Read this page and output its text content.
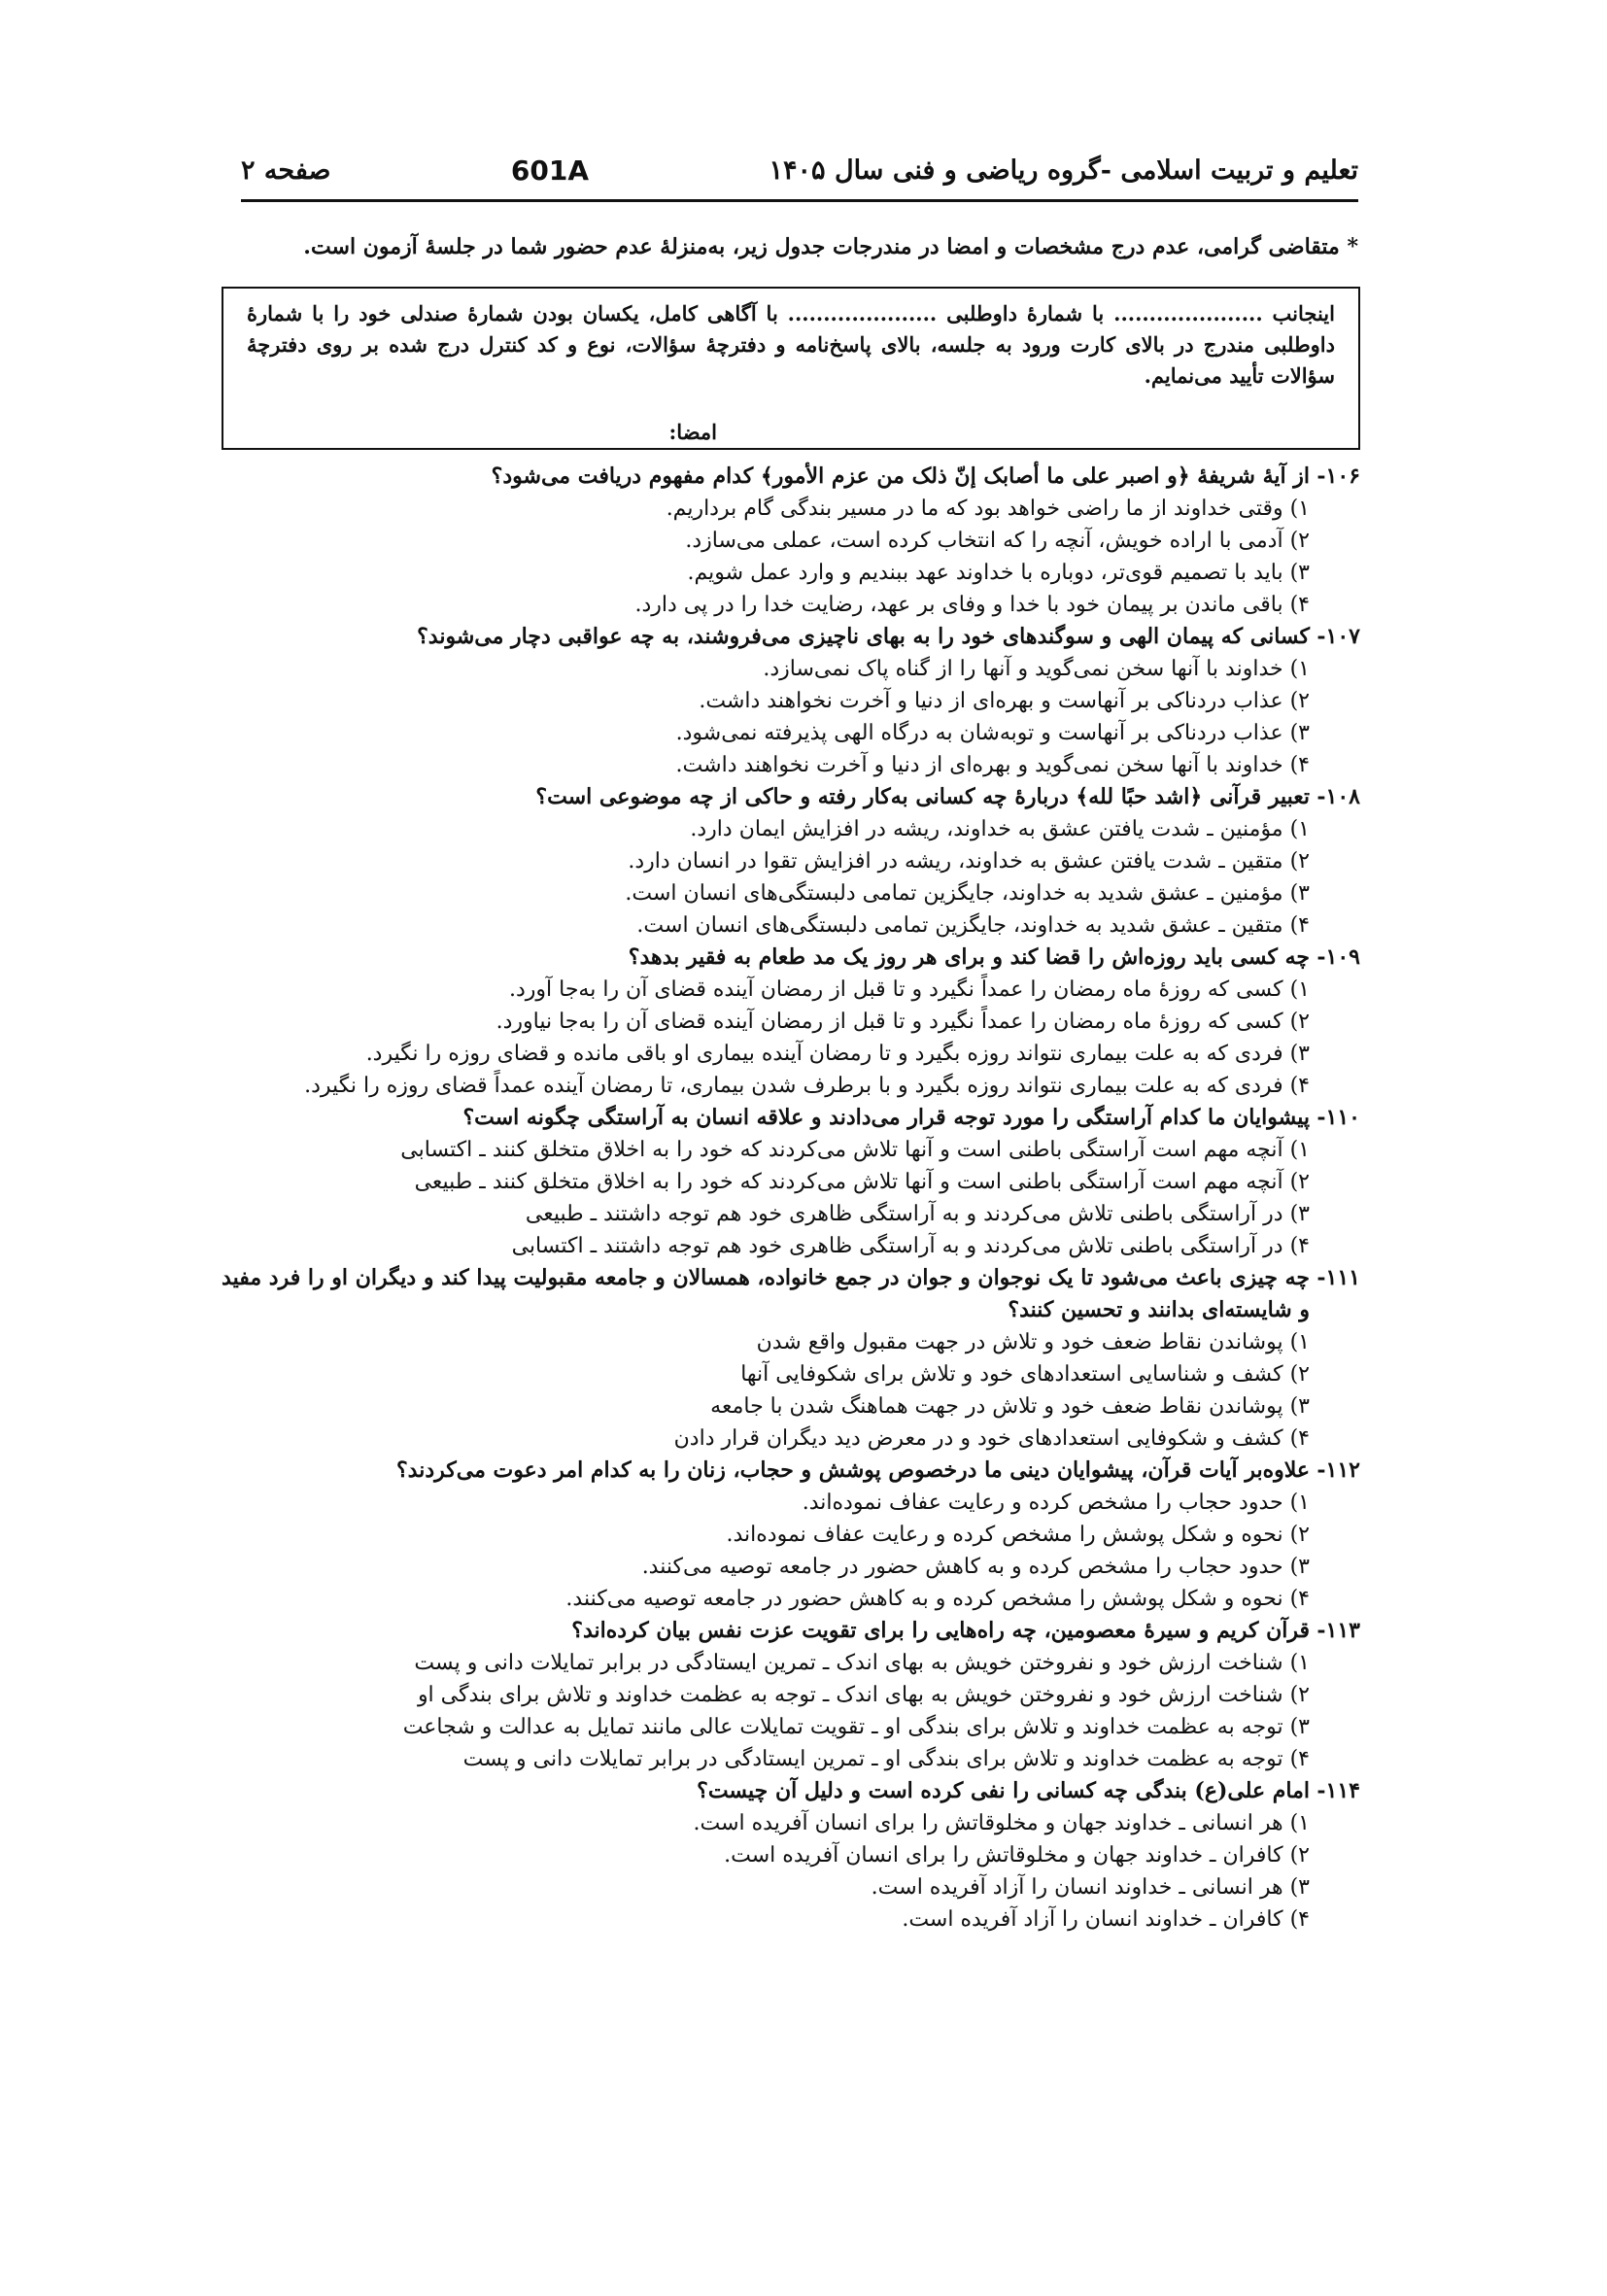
تعلیم و تربیت اسلامی -گروه ریاضی و فنی سال ۱۴۰۵
601A
صفحه ۲
* متقاضی گرامی، عدم درج مشخصات و امضا در مندرجات جدول زیر، به‌منزلهٔ عدم حضور شما در جلسهٔ آزمون است.
اینجانب ..................... با شمارهٔ داوطلبی ..................... با آگاهی کامل، یکسان بودن شمارهٔ صندلی خود را با شمارهٔ داوطلبی مندرج در بالای کارت ورود به جلسه، بالای پاسخ‌نامه و دفترچهٔ سؤالات، نوع و کد کنترل درج شده بر روی دفترچهٔ سؤالات تأیید می‌نمایم.
امضا:
۱۰۶-
از آیهٔ شریفهٔ ﴿و اصبر علی ما أصابک إنّ ذلک من عزم الأمور﴾ کدام مفهوم دریافت می‌شود؟
۱) وقتی خداوند از ما راضی خواهد بود که ما در مسیر بندگی گام برداریم.
۲) آدمی با اراده خویش، آنچه را که انتخاب کرده است، عملی می‌سازد.
۳) باید با تصمیم قوی‌تر، دوباره با خداوند عهد ببندیم و وارد عمل شویم.
۴) باقی ماندن بر پیمان خود با خدا و وفای بر عهد، رضایت خدا را در پی دارد.
۱۰۷-
کسانی که پیمان الهی و سوگندهای خود را به بهای ناچیزی می‌فروشند، به چه عواقبی دچار می‌شوند؟
۱) خداوند با آنها سخن نمی‌گوید و آنها را از گناه پاک نمی‌سازد.
۲) عذاب دردناکی بر آنهاست و بهره‌ای از دنیا و آخرت نخواهند داشت.
۳) عذاب دردناکی بر آنهاست و توبه‌شان به درگاه الهی پذیرفته نمی‌شود.
۴) خداوند با آنها سخن نمی‌گوید و بهره‌ای از دنیا و آخرت نخواهند داشت.
۱۰۸-
تعبیر قرآنی ﴿اشد حبًا لله﴾ دربارهٔ چه کسانی به‌کار رفته و حاکی از چه موضوعی است؟
۱) مؤمنین ـ شدت یافتن عشق به خداوند، ریشه در افزایش ایمان دارد.
۲) متقین ـ شدت یافتن عشق به خداوند، ریشه در افزایش تقوا در انسان دارد.
۳) مؤمنین ـ عشق شدید به خداوند، جایگزین تمامی دلبستگی‌های انسان است.
۴) متقین ـ عشق شدید به خداوند، جایگزین تمامی دلبستگی‌های انسان است.
۱۰۹-
چه کسی باید روزه‌اش را قضا کند و برای هر روز یک مد طعام به فقیر بدهد؟
۱) کسی که روزهٔ ماه رمضان را عمداً نگیرد و تا قبل از رمضان آینده قضای آن را به‌جا آورد.
۲) کسی که روزهٔ ماه رمضان را عمداً نگیرد و تا قبل از رمضان آینده قضای آن را به‌جا نیاورد.
۳) فردی که به علت بیماری نتواند روزه بگیرد و تا رمضان آینده بیماری او باقی مانده و قضای روزه را نگیرد.
۴) فردی که به علت بیماری نتواند روزه بگیرد و با برطرف شدن بیماری، تا رمضان آینده عمداً قضای روزه را نگیرد.
۱۱۰-
پیشوایان ما کدام آراستگی را مورد توجه قرار می‌دادند و علاقه انسان به آراستگی چگونه است؟
۱) آنچه مهم است آراستگی باطنی است و آنها تلاش می‌کردند که خود را به اخلاق متخلق کنند ـ اکتسابی
۲) آنچه مهم است آراستگی باطنی است و آنها تلاش می‌کردند که خود را به اخلاق متخلق کنند ـ طبیعی
۳) در آراستگی باطنی تلاش می‌کردند و به آراستگی ظاهری خود هم توجه داشتند ـ طبیعی
۴) در آراستگی باطنی تلاش می‌کردند و به آراستگی ظاهری خود هم توجه داشتند ـ اکتسابی
۱۱۱-
چه چیزی باعث می‌شود تا یک نوجوان و جوان در جمع خانواده، همسالان و جامعه مقبولیت پیدا کند و دیگران او را فرد مفید و شایسته‌ای بدانند و تحسین کنند؟
۱) پوشاندن نقاط ضعف خود و تلاش در جهت مقبول واقع شدن
۲) کشف و شناسایی استعدادهای خود و تلاش برای شکوفایی آنها
۳) پوشاندن نقاط ضعف خود و تلاش در جهت هماهنگ شدن با جامعه
۴) کشف و شکوفایی استعدادهای خود و در معرض دید دیگران قرار دادن
۱۱۲-
علاوه‌بر آیات قرآن، پیشوایان دینی ما درخصوص پوشش و حجاب، زنان را به کدام امر دعوت می‌کردند؟
۱) حدود حجاب را مشخص کرده و رعایت عفاف نموده‌اند.
۲) نحوه و شکل پوشش را مشخص کرده و رعایت عفاف نموده‌اند.
۳) حدود حجاب را مشخص کرده و به کاهش حضور در جامعه توصیه می‌کنند.
۴) نحوه و شکل پوشش را مشخص کرده و به کاهش حضور در جامعه توصیه می‌کنند.
۱۱۳-
قرآن کریم و سیرهٔ معصومین، چه راه‌هایی را برای تقویت عزت نفس بیان کرده‌اند؟
۱) شناخت ارزش خود و نفروختن خویش به بهای اندک ـ تمرین ایستادگی در برابر تمایلات دانی و پست
۲) شناخت ارزش خود و نفروختن خویش به بهای اندک ـ توجه به عظمت خداوند و تلاش برای بندگی او
۳) توجه به عظمت خداوند و تلاش برای بندگی او ـ تقویت تمایلات عالی مانند تمایل به عدالت و شجاعت
۴) توجه به عظمت خداوند و تلاش برای بندگی او ـ تمرین ایستادگی در برابر تمایلات دانی و پست
۱۱۴-
امام علی(ع) بندگی چه کسانی را نفی کرده است و دلیل آن چیست؟
۱) هر انسانی ـ خداوند جهان و مخلوقاتش را برای انسان آفریده است.
۲) کافران ـ خداوند جهان و مخلوقاتش را برای انسان آفریده است.
۳) هر انسانی ـ خداوند انسان را آزاد آفریده است.
۴) کافران ـ خداوند انسان را آزاد آفریده است.
